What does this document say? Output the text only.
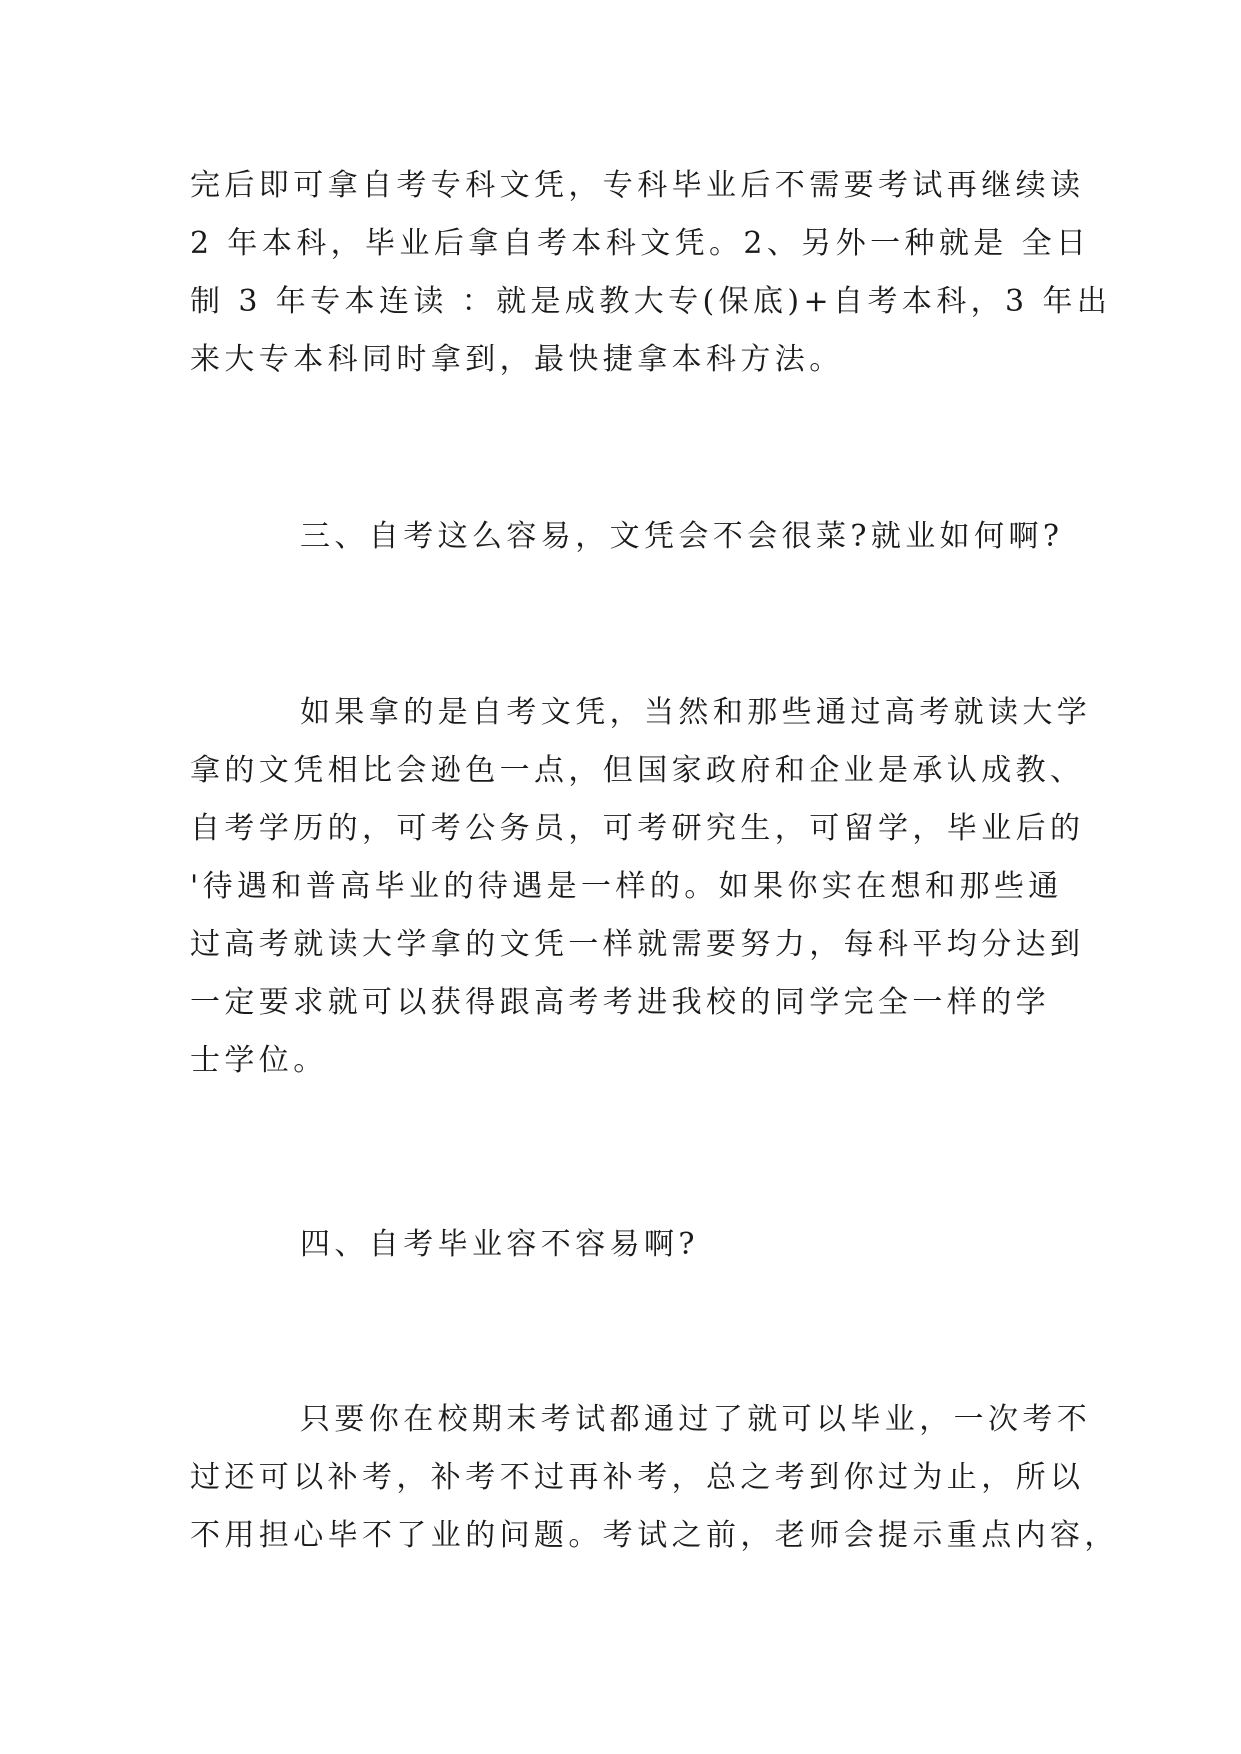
完后即可拿自考专科文凭，专科毕业后不需要考试再继续读
2 年本科，毕业后拿自考本科文凭。2、另外一种就是 全日
制 3 年专本连读 ：就是成教大专(保底)+自考本科，3 年出
来大专本科同时拿到，最快捷拿本科方法。
三、自考这么容易，文凭会不会很菜?就业如何啊?
如果拿的是自考文凭，当然和那些通过高考就读大学
拿的文凭相比会逊色一点，但国家政府和企业是承认成教、
自考学历的，可考公务员，可考研究生，可留学，毕业后的
'待遇和普高毕业的待遇是一样的。如果你实在想和那些通
过高考就读大学拿的文凭一样就需要努力，每科平均分达到
一定要求就可以获得跟高考考进我校的同学完全一样的学
士学位。
四、自考毕业容不容易啊?
只要你在校期末考试都通过了就可以毕业，一次考不
过还可以补考，补考不过再补考，总之考到你过为止，所以
不用担心毕不了业的问题。考试之前，老师会提示重点内容，
